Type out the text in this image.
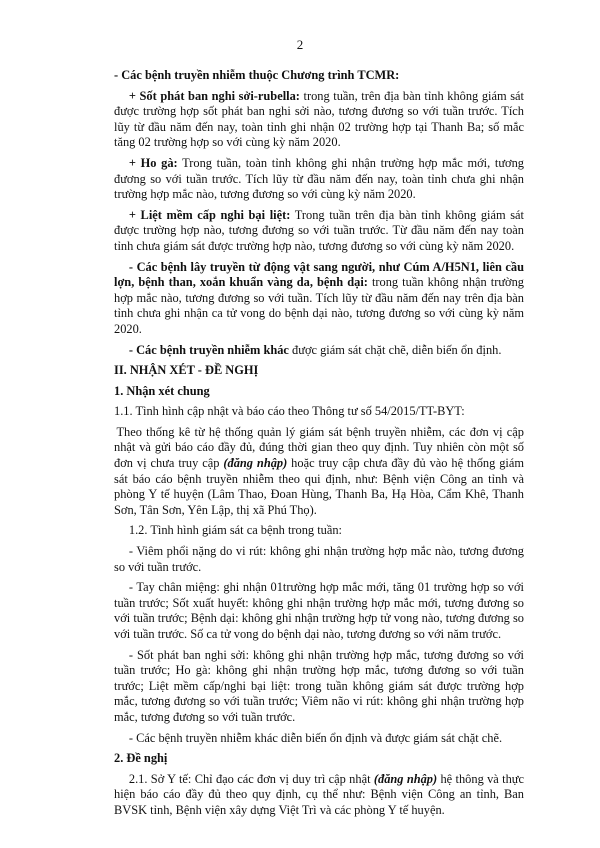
2

- Các bệnh truyền nhiễm thuộc Chương trình TCMR:

+ Sốt phát ban nghi sởi-rubella: trong tuần, trên địa bàn tỉnh không giám sát được trường hợp sốt phát ban nghi sởi nào, tương đương so với tuần trước. Tích lũy từ đầu năm đến nay, toàn tỉnh ghi nhận 02 trường hợp tại Thanh Ba; số mắc tăng 02 trường hợp so với cùng kỳ năm 2020.

+ Ho gà: Trong tuần, toàn tỉnh không ghi nhận trường hợp mắc mới, tương đương so với tuần trước. Tích lũy từ đầu năm đến nay, toàn tỉnh chưa ghi nhận trường hợp mắc nào, tương đương so với cùng kỳ năm 2020.

+ Liệt mềm cấp nghi bại liệt: Trong tuần trên địa bàn tỉnh không giám sát được trường hợp nào, tương đương so với tuần trước. Từ đầu năm đến nay toàn tỉnh chưa giám sát được trường hợp nào, tương đương so với cùng kỳ năm 2020.

- Các bệnh lây truyền từ động vật sang người, như Cúm A/H5N1, liên cầu lợn, bệnh than, xoắn khuẩn vàng da, bệnh dại: trong tuần không nhận trường hợp mắc nào, tương đương so với tuần. Tích lũy từ đầu năm đến nay trên địa bàn tỉnh chưa ghi nhận ca tử vong do bệnh dại nào, tương đương so với cùng kỳ năm 2020.

- Các bệnh truyền nhiễm khác được giám sát chặt chẽ, diễn biến ổn định.

II. NHẬN XÉT - ĐỀ NGHỊ

1. Nhận xét chung

1.1. Tình hình cập nhật và báo cáo theo Thông tư số 54/2015/TT-BYT:

Theo thống kê từ hệ thống quản lý giám sát bệnh truyền nhiễm, các đơn vị cập nhật và gửi báo cáo đầy đủ, đúng thời gian theo quy định. Tuy nhiên còn một số đơn vị chưa truy cập (đăng nhập) hoặc truy cập chưa đầy đủ vào hệ thống giám sát báo cáo bệnh truyền nhiễm theo qui định, như: Bệnh viện Công an tỉnh và phòng Y tế huyện (Lâm Thao, Đoan Hùng, Thanh Ba, Hạ Hòa, Cẩm Khê, Thanh Sơn, Tân Sơn, Yên Lập, thị xã Phú Thọ).

1.2. Tình hình giám sát ca bệnh trong tuần:

- Viêm phổi nặng do vi rút: không ghi nhận trường hợp mắc nào, tương đương so với tuần trước.

- Tay chân miệng: ghi nhận 01trường hợp mắc mới, tăng 01 trường hợp so với tuần trước; Sốt xuất huyết: không ghi nhận trường hợp mắc mới, tương đương so với tuần trước; Bệnh dại: không ghi nhận trường hợp tử vong nào, tương đương so với tuần trước. Số ca tử vong do bệnh dại nào, tương đương so với năm trước.

- Sốt phát ban nghi sởi: không ghi nhận trường hợp mắc, tương đương so với tuần trước; Ho gà: không ghi nhận trường hợp mắc, tương đương so với tuần trước; Liệt mềm cấp/nghi bại liệt: trong tuần không giám sát được trường hợp mắc, tương đương so với tuần trước; Viêm não vi rút: không ghi nhận trường hợp mắc, tương đương so với tuần trước.

- Các bệnh truyền nhiễm khác diễn biến ổn định và được giám sát chặt chẽ.

2. Đề nghị

2.1. Sở Y tế: Chỉ đạo các đơn vị duy trì cập nhật (đăng nhập) hệ thông và thực hiện báo cáo đầy đủ theo quy định, cụ thể như: Bệnh viện Công an tỉnh, Ban BVSK tỉnh, Bệnh viện xây dựng Việt Trì và các phòng Y tế huyện.
